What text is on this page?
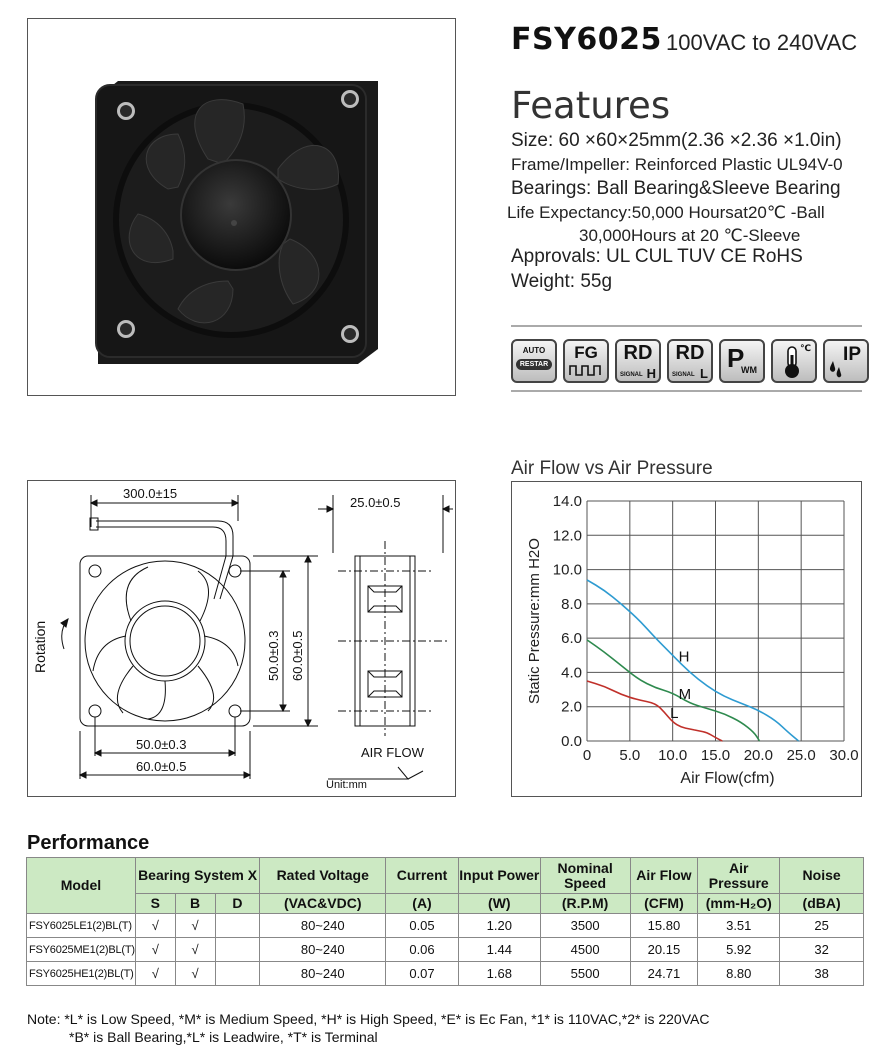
FSY6025 100VAC to 240VAC
Features
Size: 60 ×60×25mm(2.36 ×2.36 ×1.0in)
Frame/Impeller: Reinforced Plastic UL94V-0
Bearings: Ball Bearing&Sleeve Bearing
Life Expectancy:50,000 Hoursat20℃ -Ball
30,000Hours at 20 ℃-Sleeve
Approvals: UL CUL TUV CE RoHS
Weight: 55g
AUTO
RESTAR
FG	RD
SIGNAL H
RD
SIGNAL L
P
WM
℃ IP
300.0±15
25.0±0.5
50.0±0.3 60.0±0.5
50.0±0.3
60.0±0.5
Rotation
AIR FLOW
Unit:mm
Air Flow vs Air Pressure
0 5.0 10.0 15.0 20.0 25.0 30.0
0.0
2.0
4.0
6.0
8.0
10.0
12.0
14.0
Air Flow(cfm)
Static Pressure:mm H2O	H
M
L
Performance
Model	Bearing System X			Rated Voltage	Current	Input Power	Nominal Speed	Air Flow	Air Pressure	Noise
	S	B	D	(VAC&VDC)	(A)	(W)	(R.P.M)	(CFM)	(mm-H₂O)	(dBA)
FSY6025LE1(2)BL(T)	√	√		80~240	0.05	1.20	3500	15.80	3.51	25
FSY6025ME1(2)BL(T)	√	√		80~240	0.06	1.44	4500	20.15	5.92	32
FSY6025HE1(2)BL(T)	√	√		80~240	0.07	1.68	5500	24.71	8.80	38
Note: *L* is Low Speed, *M* is Medium Speed, *H* is High Speed, *E* is Ec Fan, *1* is 110VAC,*2* is 220VAC
*B* is Ball Bearing,*L* is Leadwire, *T* is Terminal
